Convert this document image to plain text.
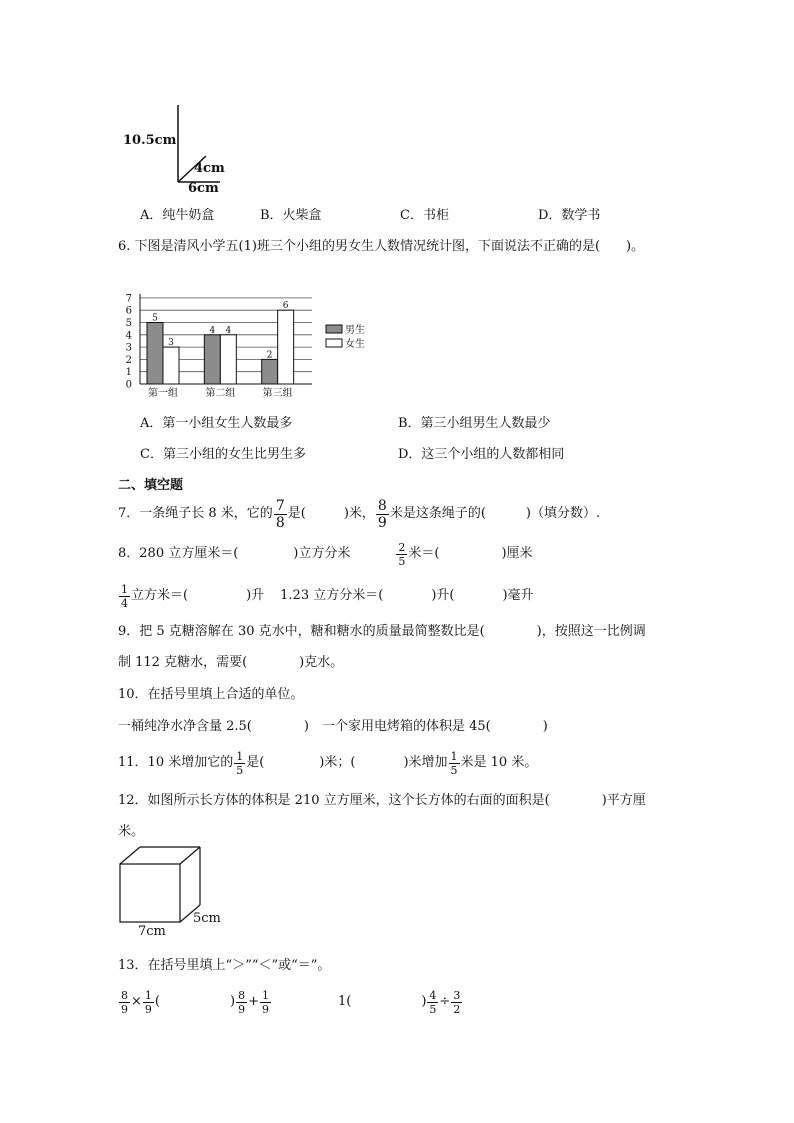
10.5cm
4cm
6cm
A．纯牛奶盒	B．火柴盒	C．书柜	D．数学书
6. 下图是清风小学五(1)班三个小组的男女生人数情况统计图，下面说法不正确的是(　　)。
0
1
2
3
4
5
6
7
5
3
第一组
4 4
第二组
2
6
第三组
男生
女生
A．第一小组女生人数最多	B．第三小组男生人数最少
C．第三小组的女生比男生多	D．这三个小组的人数都相同
二、填空题
7．一条绳子长 8 米，它的 $\frac{7}{8}$ 是(	)米， $\frac{8}{9}$ 米是这条绳子的(	)（填分数）.
8．280 立方厘米＝(	)立方分米	$\frac{2}{5}$ 米＝(	)厘米
$\frac{1}{4}$ 立方米＝(	)升 1.23 立方分米＝(	)升(	)毫升
9．把 5 克糖溶解在 30 克水中，糖和糖水的质量最简整数比是(　　　　)，按照这一比例调
制 112 克糖水，需要(　　　　)克水。
10．在括号里填上合适的单位。
一桶纯净水净含量 2.5(　　　　)　一个家用电烤箱的体积是 45(　　　　)
11．10 米增加它的 $\frac{1}{5}$ 是(	)米；(	)米增加 $\frac{1}{5}$ 米是 10 米。
12．如图所示长方体的体积是 210 立方厘米，这个长方体的右面的面积是(　　　　)平方厘
米。
7cm
5cm
13．在括号里填上“＞”“＜”或“＝”。
$\frac{8}{9} \times \frac{1}{9}$ (	) $\frac{8}{9} + \frac{1}{9}$	1 (	) $\frac{4}{5} \div \frac{3}{2}$
